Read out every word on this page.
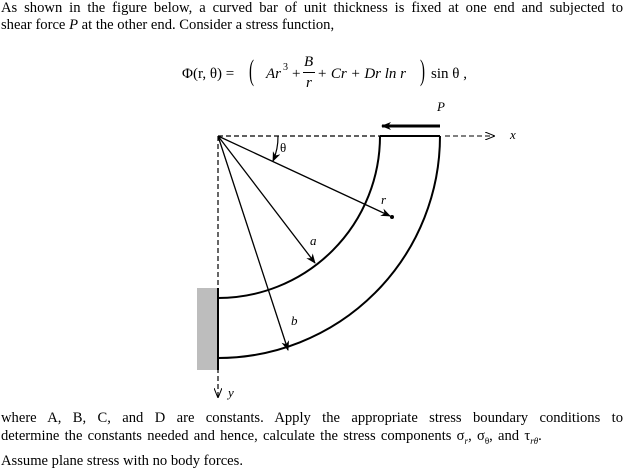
As shown in the figure below, a curved bar of unit thickness is fixed at one end and subjected to
shear force P at the other end. Consider a stress function,
Φ(r, θ) = ( Ar 3 +
B
r
+ Cr + Dr ln r ) sin θ ,
P
x
y
θ
r
a
b
where A, B, C, and D are constants. Apply the appropriate stress boundary conditions to
determine the constants needed and hence, calculate the stress components $\sigma_r$, $\sigma_\theta$, and $\tau_{r\theta}$.
Assume plane stress with no body forces.
